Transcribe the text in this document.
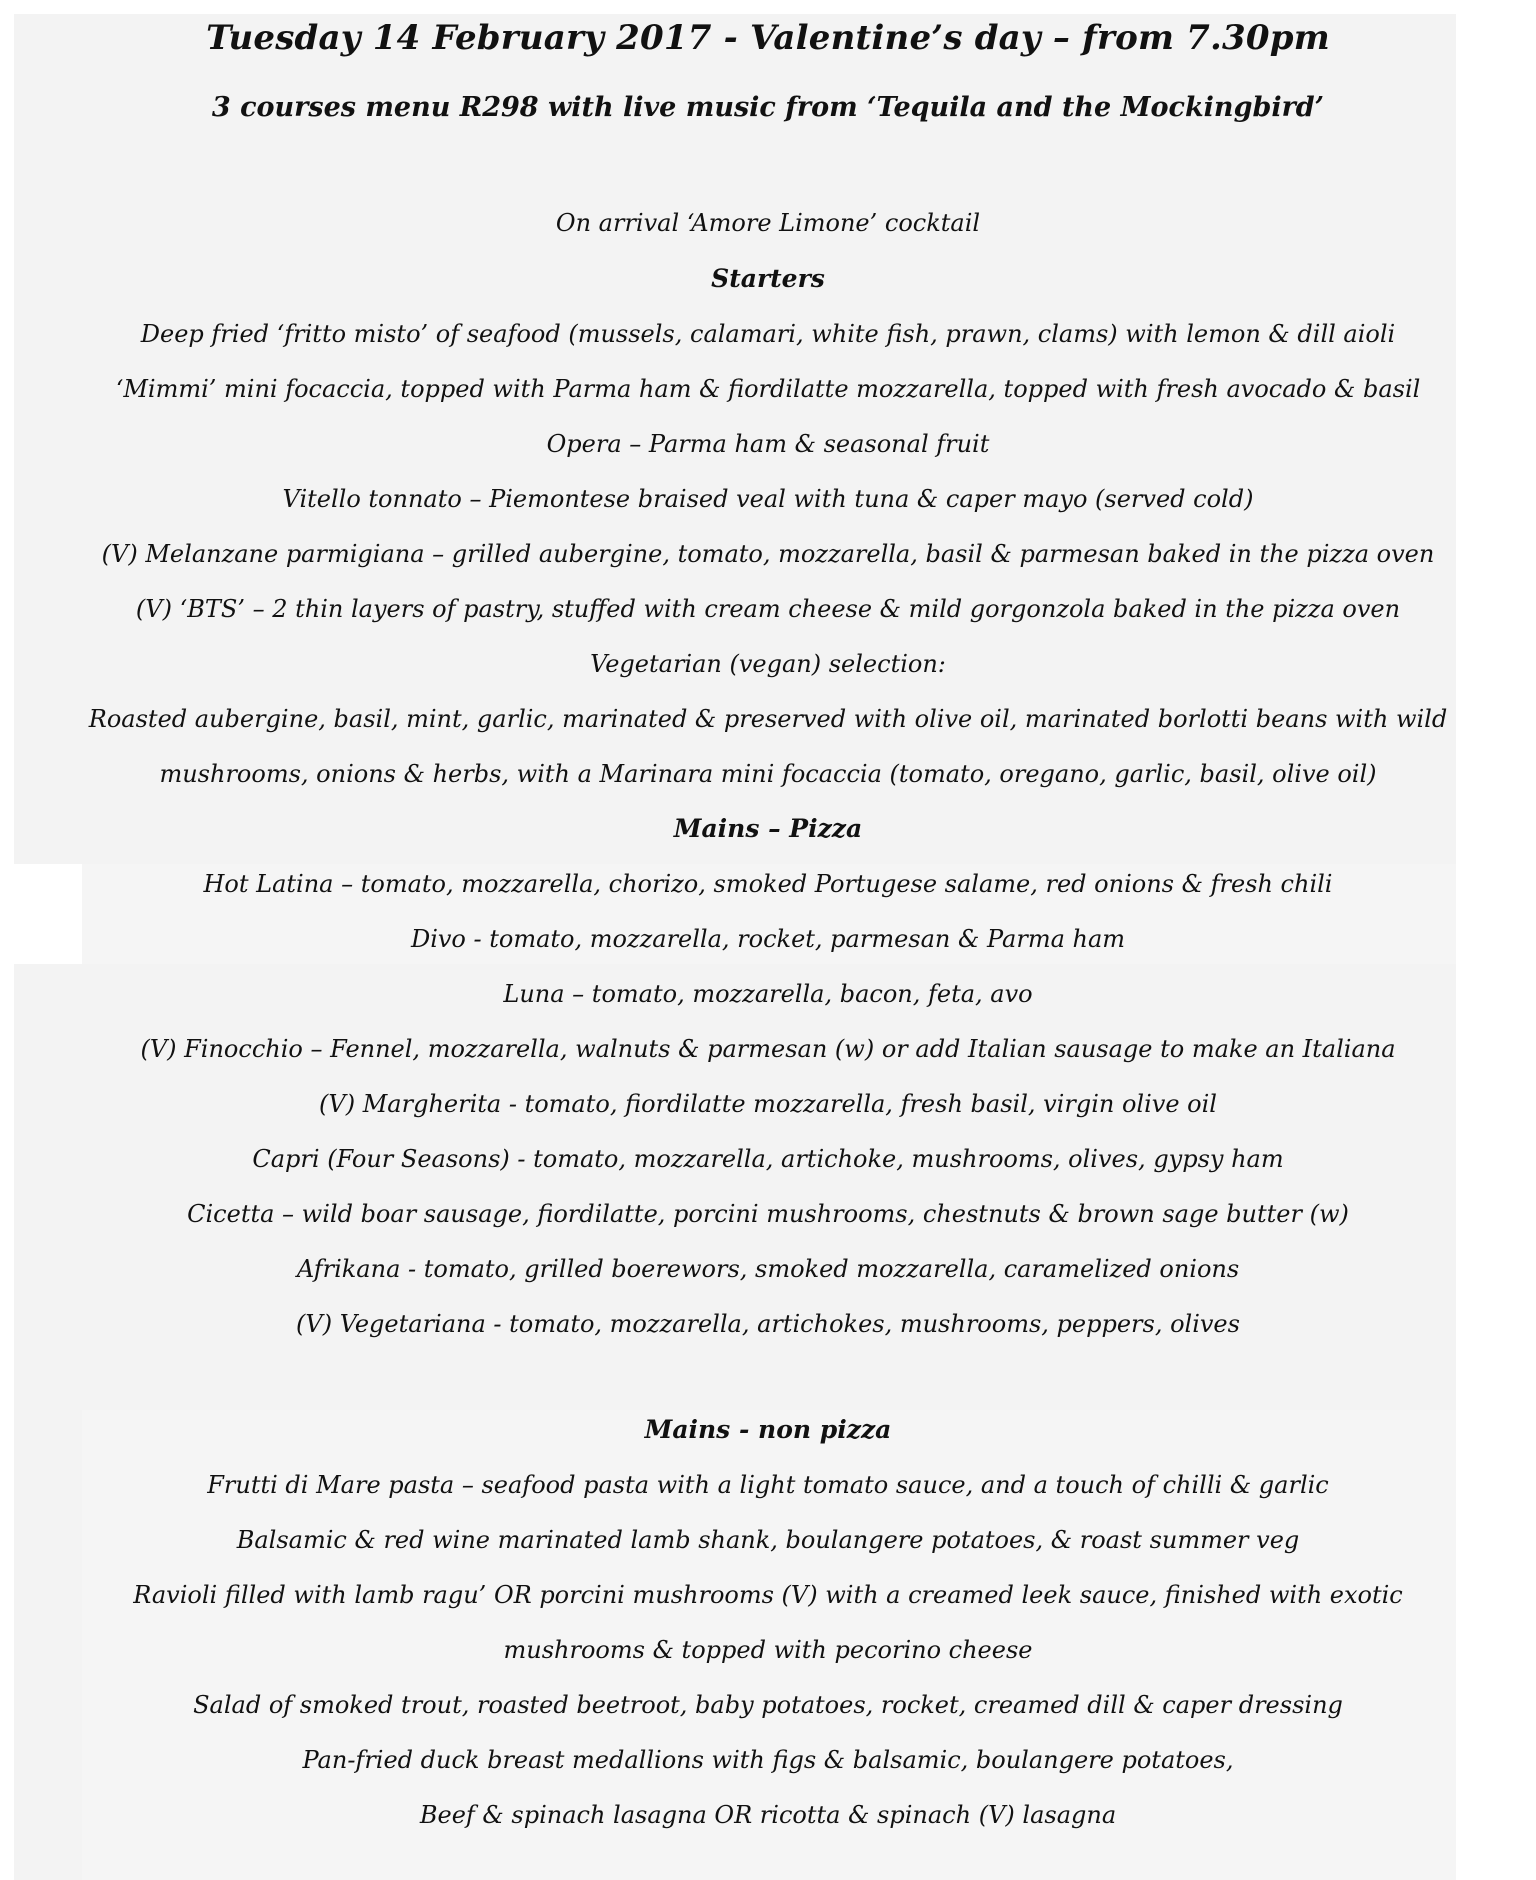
Tuesday 14 February 2017 - Valentine’s day – from 7.30pm
3 courses menu R298 with live music from ‘Tequila and the Mockingbird’
On arrival ‘Amore Limone’ cocktail
Starters
Deep fried ‘fritto misto’ of seafood (mussels, calamari, white fish, prawn, clams) with lemon & dill aioli
‘Mimmi’ mini focaccia, topped with Parma ham & fiordilatte mozzarella, topped with fresh avocado & basil
Opera – Parma ham & seasonal fruit
Vitello tonnato – Piemontese braised veal with tuna & caper mayo (served cold)
(V) Melanzane parmigiana – grilled aubergine, tomato, mozzarella, basil & parmesan baked in the pizza oven
(V) ‘BTS’ – 2 thin layers of pastry, stuffed with cream cheese & mild gorgonzola baked in the pizza oven
Vegetarian (vegan) selection:
Roasted aubergine, basil, mint, garlic, marinated & preserved with olive oil, marinated borlotti beans with wild
mushrooms, onions & herbs, with a Marinara mini focaccia (tomato, oregano, garlic, basil, olive oil)
Mains – Pizza
Hot Latina – tomato, mozzarella, chorizo, smoked Portugese salame, red onions & fresh chili
Divo - tomato, mozzarella, rocket, parmesan & Parma ham
Luna – tomato, mozzarella, bacon, feta, avo
(V) Finocchio – Fennel, mozzarella, walnuts & parmesan (w) or add Italian sausage to make an Italiana
(V) Margherita - tomato, fiordilatte mozzarella, fresh basil, virgin olive oil
Capri (Four Seasons) - tomato, mozzarella, artichoke, mushrooms, olives, gypsy ham
Cicetta – wild boar sausage, fiordilatte, porcini mushrooms, chestnuts & brown sage butter (w)
Afrikana - tomato, grilled boerewors, smoked mozzarella, caramelized onions
(V) Vegetariana - tomato, mozzarella, artichokes, mushrooms, peppers, olives
Mains - non pizza
Frutti di Mare pasta – seafood pasta with a light tomato sauce, and a touch of chilli & garlic
Balsamic & red wine marinated lamb shank, boulangere potatoes, & roast summer veg
Ravioli filled with lamb ragu’ OR porcini mushrooms (V) with a creamed leek sauce, finished with exotic
mushrooms & topped with pecorino cheese
Salad of smoked trout, roasted beetroot, baby potatoes, rocket, creamed dill & caper dressing
Pan-fried duck breast medallions with figs & balsamic, boulangere potatoes,
Beef & spinach lasagna OR ricotta & spinach (V) lasagna
